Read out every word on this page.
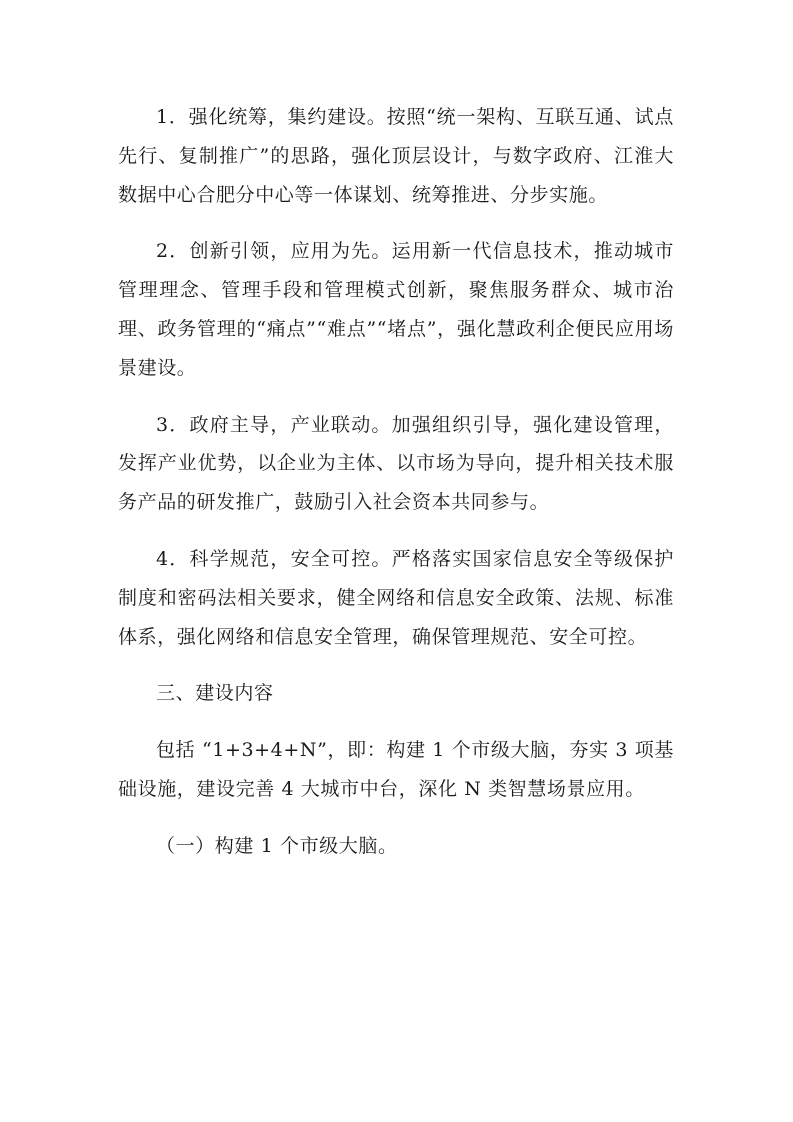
1．强化统筹，集约建设。按照“统一架构、互联互通、试点先行、复制推广”的思路，强化顶层设计，与数字政府、江淮大数据中心合肥分中心等一体谋划、统筹推进、分步实施。

2．创新引领，应用为先。运用新一代信息技术，推动城市管理理念、管理手段和管理模式创新，聚焦服务群众、城市治理、政务管理的“痛点”“难点”“堵点”，强化慧政利企便民应用场景建设。

3．政府主导，产业联动。加强组织引导，强化建设管理，发挥产业优势，以企业为主体、以市场为导向，提升相关技术服务产品的研发推广，鼓励引入社会资本共同参与。

4．科学规范，安全可控。严格落实国家信息安全等级保护制度和密码法相关要求，健全网络和信息安全政策、法规、标准体系，强化网络和信息安全管理，确保管理规范、安全可控。

三、建设内容

包括 “1+3+4+N”，即：构建 1 个市级大脑，夯实 3 项基础设施，建设完善 4 大城市中台，深化 N 类智慧场景应用。

（一）构建 1 个市级大脑。
